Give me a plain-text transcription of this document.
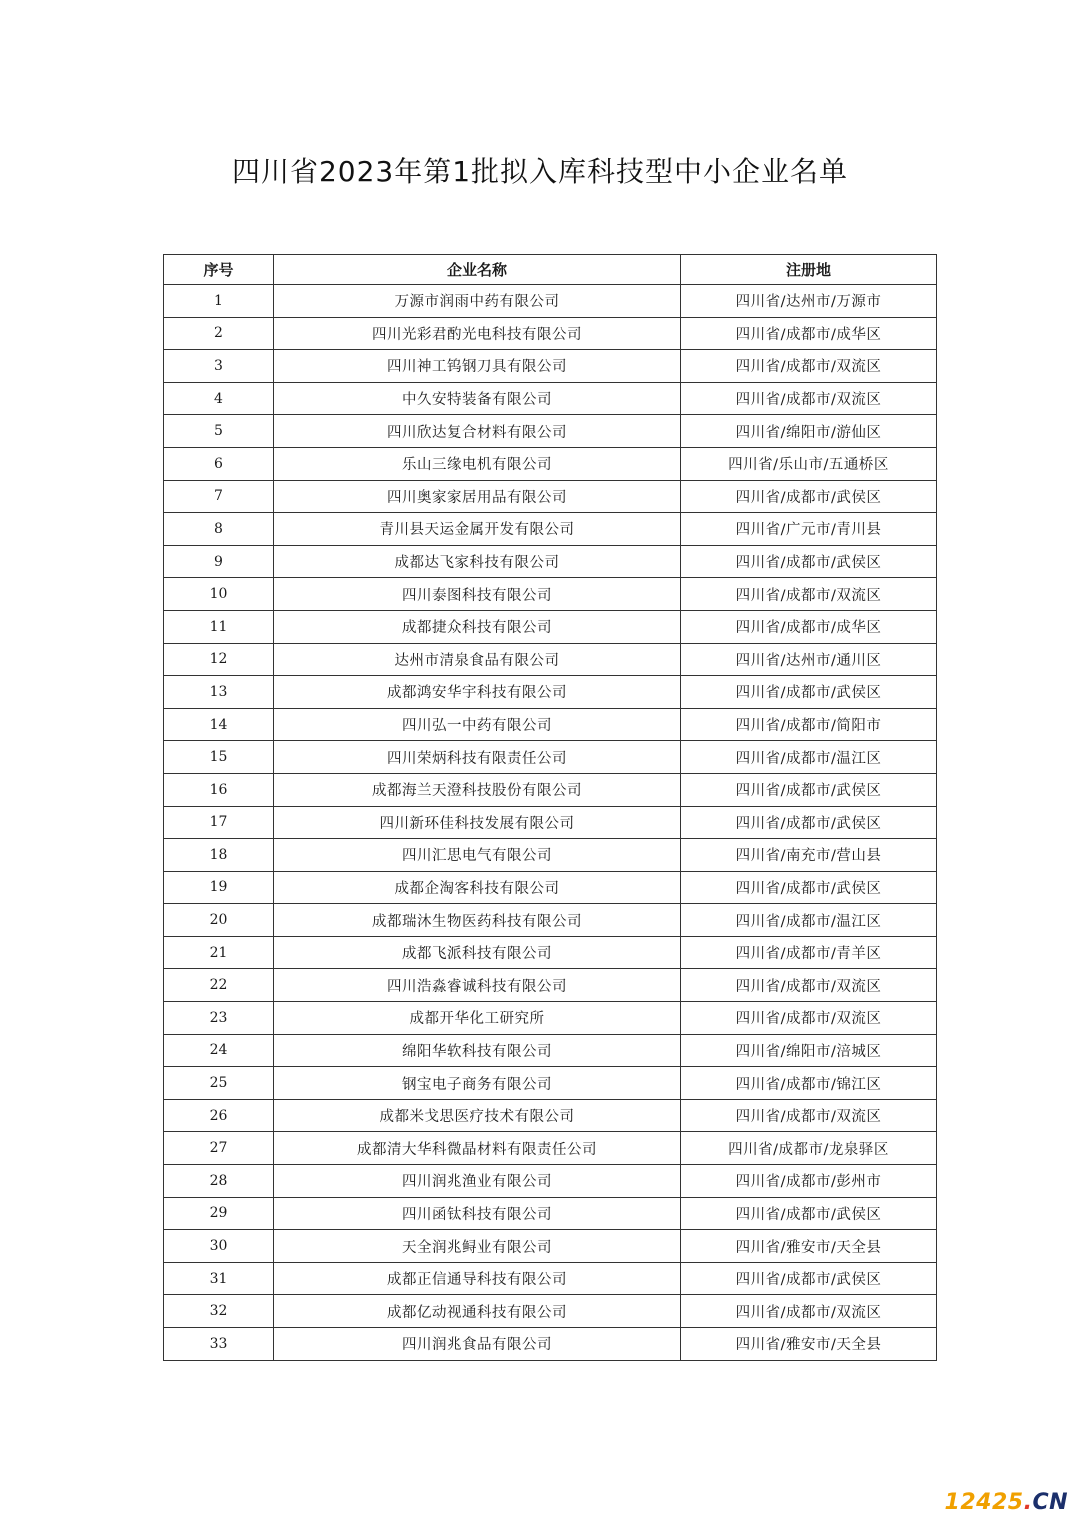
四川省2023年第1批拟入库科技型中小企业名单
序号	企业名称	注册地
1	万源市润雨中药有限公司	四川省/达州市/万源市
2	四川光彩君酌光电科技有限公司	四川省/成都市/成华区
3	四川神工钨钢刀具有限公司	四川省/成都市/双流区
4	中久安特装备有限公司	四川省/成都市/双流区
5	四川欣达复合材料有限公司	四川省/绵阳市/游仙区
6	乐山三缘电机有限公司	四川省/乐山市/五通桥区
7	四川奥家家居用品有限公司	四川省/成都市/武侯区
8	青川县天运金属开发有限公司	四川省/广元市/青川县
9	成都达飞家科技有限公司	四川省/成都市/武侯区
10	四川泰图科技有限公司	四川省/成都市/双流区
11	成都捷众科技有限公司	四川省/成都市/成华区
12	达州市清泉食品有限公司	四川省/达州市/通川区
13	成都鸿安华宇科技有限公司	四川省/成都市/武侯区
14	四川弘一中药有限公司	四川省/成都市/简阳市
15	四川荣炳科技有限责任公司	四川省/成都市/温江区
16	成都海兰天澄科技股份有限公司	四川省/成都市/武侯区
17	四川新环佳科技发展有限公司	四川省/成都市/武侯区
18	四川汇思电气有限公司	四川省/南充市/营山县
19	成都企淘客科技有限公司	四川省/成都市/武侯区
20	成都瑞沐生物医药科技有限公司	四川省/成都市/温江区
21	成都飞派科技有限公司	四川省/成都市/青羊区
22	四川浩淼睿诚科技有限公司	四川省/成都市/双流区
23	成都开华化工研究所	四川省/成都市/双流区
24	绵阳华软科技有限公司	四川省/绵阳市/涪城区
25	钢宝电子商务有限公司	四川省/成都市/锦江区
26	成都米戈思医疗技术有限公司	四川省/成都市/双流区
27	成都清大华科微晶材料有限责任公司	四川省/成都市/龙泉驿区
28	四川润兆渔业有限公司	四川省/成都市/彭州市
29	四川函钛科技有限公司	四川省/成都市/武侯区
30	天全润兆鲟业有限公司	四川省/雅安市/天全县
31	成都正信通导科技有限公司	四川省/成都市/武侯区
32	成都亿动视通科技有限公司	四川省/成都市/双流区
33	四川润兆食品有限公司	四川省/雅安市/天全县
12425.CN
